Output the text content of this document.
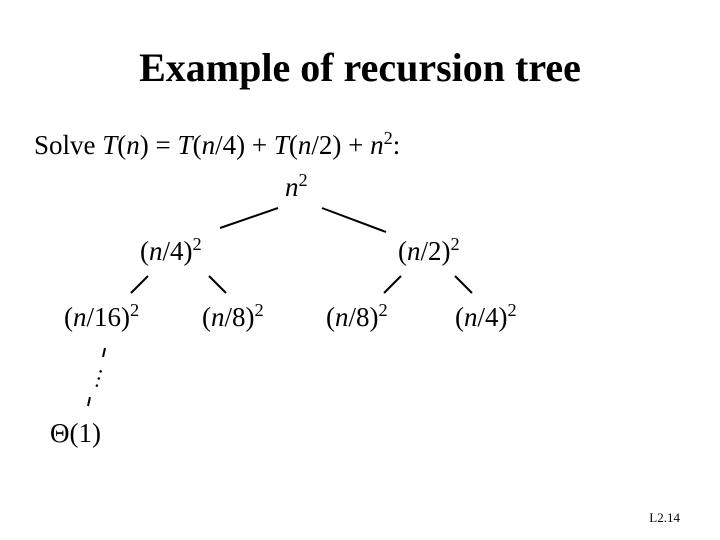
Example of recursion tree
Solve $T(n) = T(n/4) + T(n/2) + n^2$:
$n^2$
$(n/4)^2$	$(n/2)^2$
$(n/16)^2$ $(n/8)^2$ $(n/8)^2$ $(n/4)^2$
…
Θ(1)
L2.14
